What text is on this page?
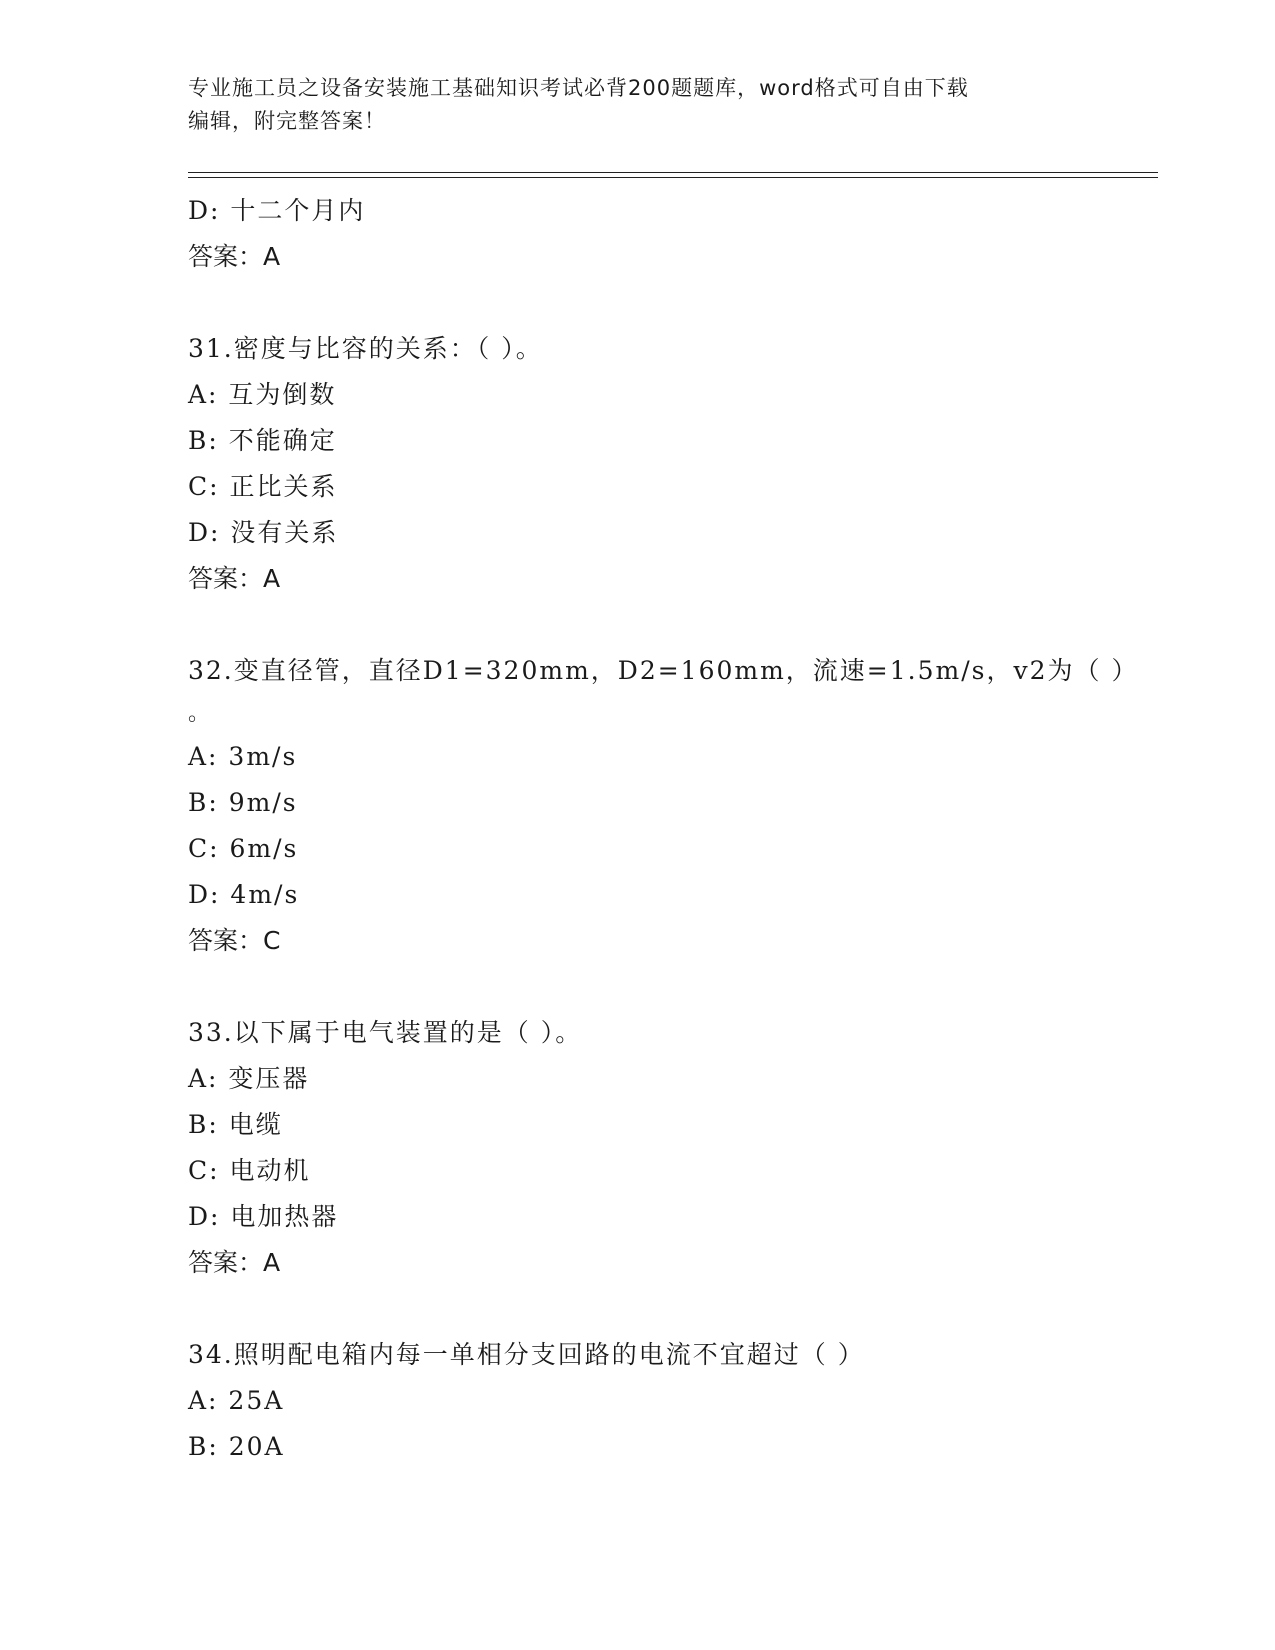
专业施工员之设备安装施工基础知识考试必背200题题库，word格式可自由下载
编辑，附完整答案！
D: 十二个月内
答案：A
31.密度与比容的关系：（ ）。
A: 互为倒数
B: 不能确定
C: 正比关系
D: 没有关系
答案：A
32.变直径管，直径D1=320mm，D2=160mm，流速=1.5m/s，v2为（ ）
。
A: 3m/s
B: 9m/s
C: 6m/s
D: 4m/s
答案：C
33.以下属于电气装置的是（ ）。
A: 变压器
B: 电缆
C: 电动机
D: 电加热器
答案：A
34.照明配电箱内每一单相分支回路的电流不宜超过（ ）
A: 25A
B: 20A
